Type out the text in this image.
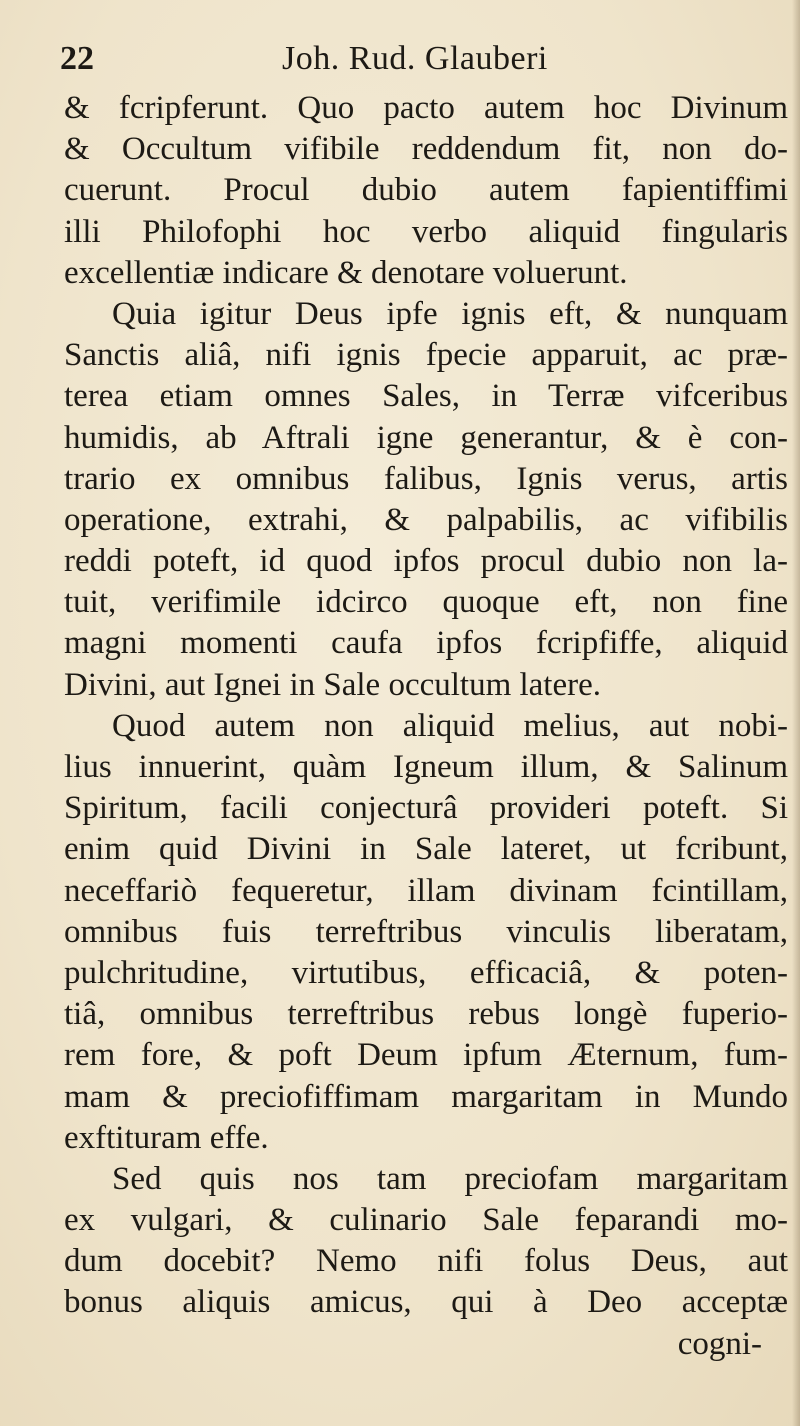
22	Joh. Rud. Glauberi
& fcripferunt. Quo pacto autem hoc Divinum
& Occultum vifibile reddendum fit, non do-
cuerunt. Procul dubio autem fapientiffimi
illi Philofophi hoc verbo aliquid fingularis
excellentiæ indicare & denotare voluerunt.
Quia igitur Deus ipfe ignis eft, & nunquam
Sanctis aliâ, nifi ignis fpecie apparuit, ac præ-
terea etiam omnes Sales, in Terræ vifceribus
humidis, ab Aftrali igne generantur, & è con-
trario ex omnibus falibus, Ignis verus, artis
operatione, extrahi, & palpabilis, ac vifibilis
reddi poteft, id quod ipfos procul dubio non la-
tuit, verifimile idcirco quoque eft, non fine
magni momenti caufa ipfos fcripfiffe, aliquid
Divini, aut Ignei in Sale occultum latere.
Quod autem non aliquid melius, aut nobi-
lius innuerint, quàm Igneum illum, & Salinum
Spiritum, facili conjecturâ provideri poteft. Si
enim quid Divini in Sale lateret, ut fcribunt,
neceffariò fequeretur, illam divinam fcintillam,
omnibus fuis terreftribus vinculis liberatam,
pulchritudine, virtutibus, efficaciâ, & poten-
tiâ, omnibus terreftribus rebus longè fuperio-
rem fore, & poft Deum ipfum Æternum, fum-
mam & preciofiffimam margaritam in Mundo
exftituram effe.
Sed quis nos tam preciofam margaritam
ex vulgari, & culinario Sale feparandi mo-
dum docebit? Nemo nifi folus Deus, aut
bonus aliquis amicus, qui à Deo acceptæ
cogni-
